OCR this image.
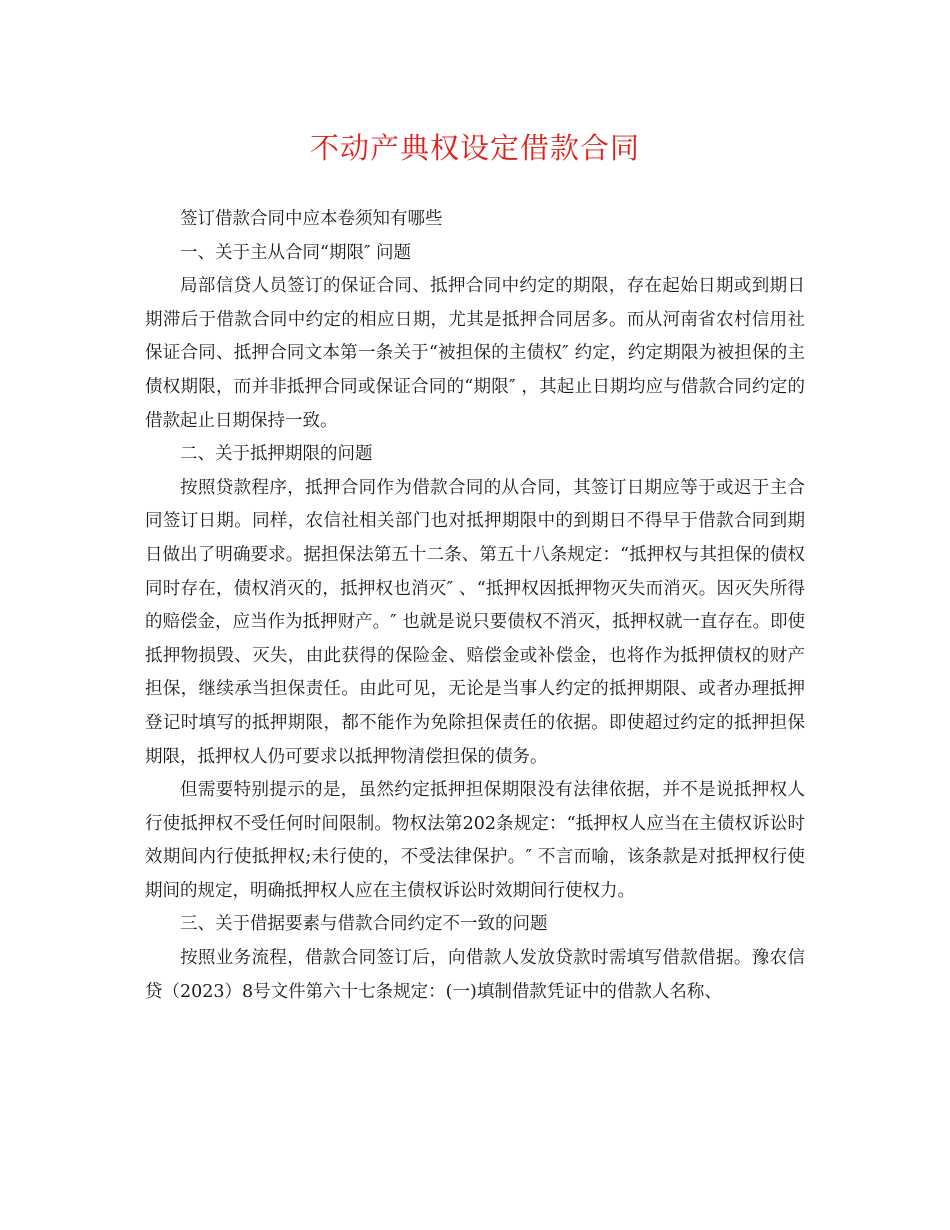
不动产典权设定借款合同

签订借款合同中应本卷须知有哪些

一、关于主从合同“期限″ 问题

局部信贷人员签订的保证合同、抵押合同中约定的期限，存在起始日期或到期日期滞后于借款合同中约定的相应日期，尤其是抵押合同居多。而从河南省农村信用社保证合同、抵押合同文本第一条关于“被担保的主债权″ 约定，约定期限为被担保的主债权期限，而并非抵押合同或保证合同的“期限″ ，其起止日期均应与借款合同约定的借款起止日期保持一致。

二、关于抵押期限的问题

按照贷款程序，抵押合同作为借款合同的从合同，其签订日期应等于或迟于主合同签订日期。同样，农信社相关部门也对抵押期限中的到期日不得早于借款合同到期日做出了明确要求。据担保法第五十二条、第五十八条规定：“抵押权与其担保的债权同时存在，债权消灭的，抵押权也消灭″ 、“抵押权因抵押物灭失而消灭。因灭失所得的赔偿金，应当作为抵押财产。″ 也就是说只要债权不消灭，抵押权就一直存在。即使抵押物损毁、灭失，由此获得的保险金、赔偿金或补偿金，也将作为抵押债权的财产担保，继续承当担保责任。由此可见，无论是当事人约定的抵押期限、或者办理抵押登记时填写的抵押期限，都不能作为免除担保责任的依据。即使超过约定的抵押担保期限，抵押权人仍可要求以抵押物清偿担保的债务。

但需要特别提示的是，虽然约定抵押担保期限没有法律依据，并不是说抵押权人行使抵押权不受任何时间限制。物权法第202条规定：“抵押权人应当在主债权诉讼时效期间内行使抵押权;未行使的，不受法律保护。″ 不言而喻，该条款是对抵押权行使期间的规定，明确抵押权人应在主债权诉讼时效期间行使权力。

三、关于借据要素与借款合同约定不一致的问题

按照业务流程，借款合同签订后，向借款人发放贷款时需填写借款借据。豫农信贷（2023）8号文件第六十七条规定：(一)填制借款凭证中的借款人名称、
